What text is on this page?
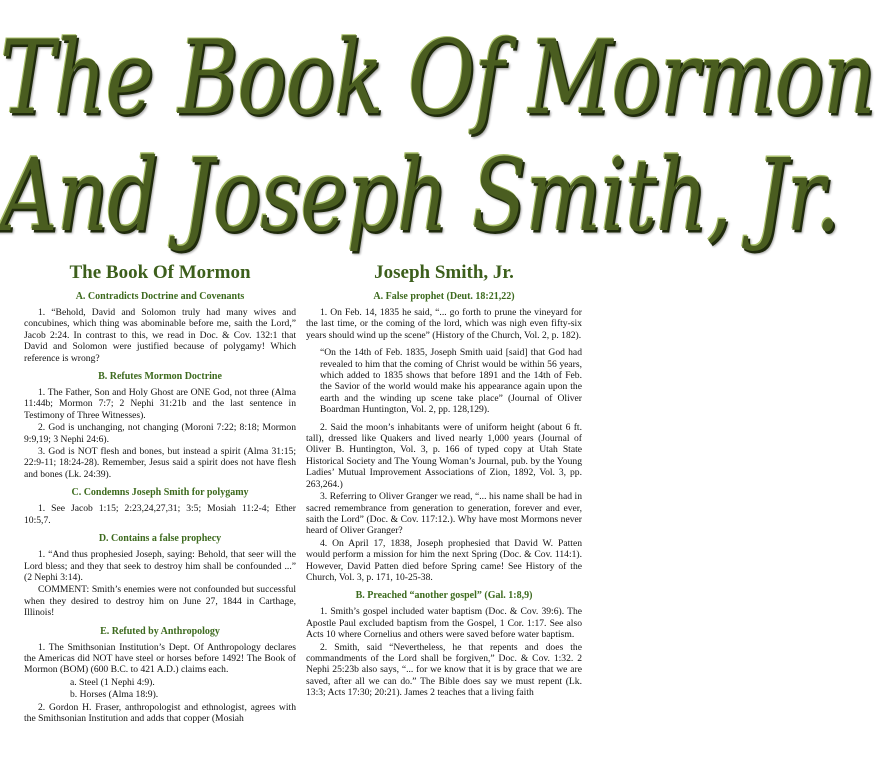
The Book Of Mormon
And Joseph Smith, Jr.
The Book Of Mormon
A. Contradicts Doctrine and Covenants
1. “Behold, David and Solomon truly had many wives and concubines, which thing was abominable before me, saith the Lord,” Jacob 2:24. In contrast to this, we read in Doc. & Cov. 132:1 that David and Solomon were justified because of polygamy! Which reference is wrong?
B. Refutes Mormon Doctrine
1. The Father, Son and Holy Ghost are ONE God, not three (Alma 11:44b; Mormon 7:7; 2 Nephi 31:21b and the last sentence in Testimony of Three Witnesses).
2. God is unchanging, not changing (Moroni 7:22; 8:18; Mormon 9:9,19; 3 Nephi 24:6).
3. God is NOT flesh and bones, but instead a spirit (Alma 31:15; 22:9-11; 18:24-28). Remember, Jesus said a spirit does not have flesh and bones (Lk. 24:39).
C. Condemns Joseph Smith for polygamy
1. See Jacob 1:15; 2:23,24,27,31; 3:5; Mosiah 11:2-4; Ether 10:5,7.
D. Contains a false prophecy
1. “And thus prophesied Joseph, saying: Behold, that seer will the Lord bless; and they that seek to destroy him shall be confounded ...” (2 Nephi 3:14).
COMMENT: Smith’s enemies were not confounded but successful when they desired to destroy him on June 27, 1844 in Carthage, Illinois!
E. Refuted by Anthropology
1. The Smithsonian Institution’s Dept. Of Anthropology declares the Americas did NOT have steel or horses before 1492! The Book of Mormon (BOM) (600 B.C. to 421 A.D.) claims each.
a. Steel (1 Nephi 4:9).
b. Horses (Alma 18:9).
2. Gordon H. Fraser, anthropologist and ethnologist, agrees with the Smithsonian Institution and adds that copper (Mosiah
Joseph Smith, Jr.
A. False prophet (Deut. 18:21,22)
1. On Feb. 14, 1835 he said, “... go forth to prune the vineyard for the last time, or the coming of the lord, which was nigh even fifty-six years should wind up the scene” (History of the Church, Vol. 2, p. 182).
“On the 14th of Feb. 1835, Joseph Smith uaid [said] that God had revealed to him that the coming of Christ would be within 56 years, which added to 1835 shows that before 1891 and the 14th of Feb. the Savior of the world would make his appearance again upon the earth and the winding up scene take place” (Journal of Oliver Boardman Huntington, Vol. 2, pp. 128,129).
2. Said the moon’s inhabitants were of uniform height (about 6 ft. tall), dressed like Quakers and lived nearly 1,000 years (Journal of Oliver B. Huntington, Vol. 3, p. 166 of typed copy at Utah State Historical Society and The Young Woman’s Journal, pub. by the Young Ladies’ Mutual Improvement Associations of Zion, 1892, Vol. 3, pp. 263,264.)
3. Referring to Oliver Granger we read, “... his name shall be had in sacred remembrance from generation to generation, forever and ever, saith the Lord” (Doc. & Cov. 117:12.). Why have most Mormons never heard of Oliver Granger?
4. On April 17, 1838, Joseph prophesied that David W. Patten would perform a mission for him the next Spring (Doc. & Cov. 114:1). However, David Patten died before Spring came! See History of the Church, Vol. 3, p. 171, 10-25-38.
B. Preached “another gospel” (Gal. 1:8,9)
1. Smith’s gospel included water baptism (Doc. & Cov. 39:6). The Apostle Paul excluded baptism from the Gospel, 1 Cor. 1:17. See also Acts 10 where Cornelius and others were saved before water baptism.
2. Smith, said “Nevertheless, he that repents and does the commandments of the Lord shall be forgiven,” Doc. & Cov. 1:32. 2 Nephi 25:23b also says, “... for we know that it is by grace that we are saved, after all we can do.” The Bible does say we must repent (Lk. 13:3; Acts 17:30; 20:21). James 2 teaches that a living faith
